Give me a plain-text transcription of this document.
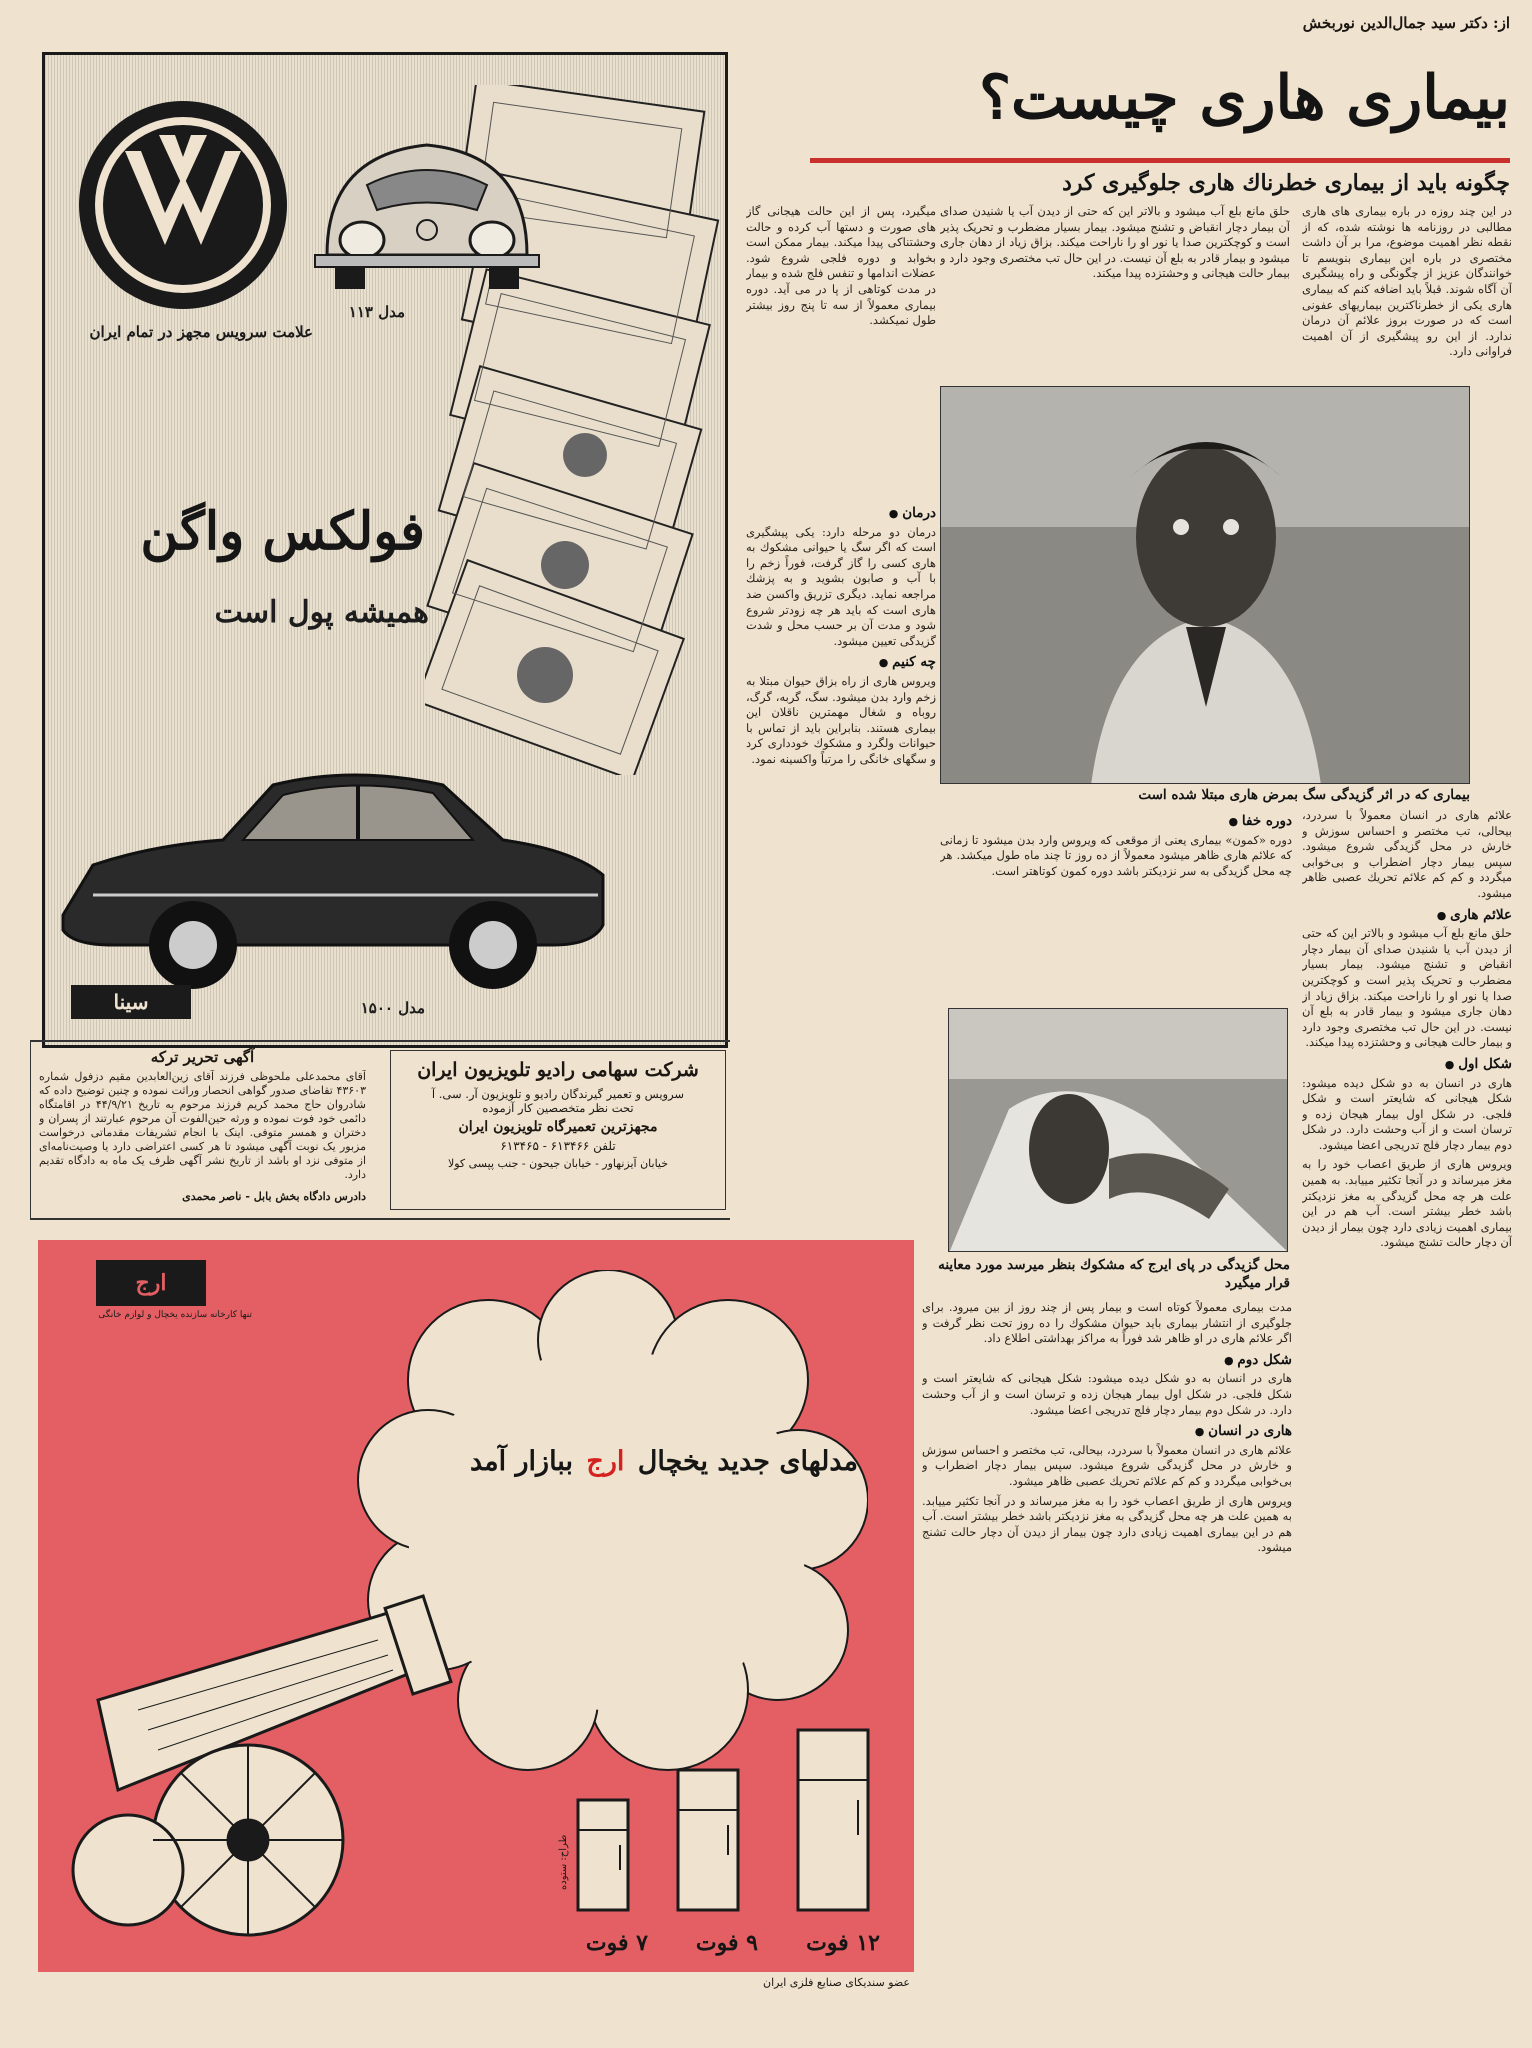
علامت سرویس مجهز در تمام ایران
مدل ۱۱۳
فولکس واگن
همیشه پول است
مدل ۱۵۰۰
سینا
از: دکتر سید جمال‌الدین نوربخش
بیماری هاری چیست؟
چگونه باید از بیماری خطرناك هاری جلوگیری کرد
در این چند روزه در باره بیماری های هاری مطالبی در روزنامه ها نوشته شده، که از نقطه نظر اهمیت موضوع، مرا بر آن داشت مختصری در باره این بیماری بنویسم تا خوانندگان عزیز از چگونگی و راه پیشگیری آن آگاه شوند. قبلاً باید اضافه کنم که بیماری هاری یکی از خطرناکترین بیماریهای عفونی است که در صورت بروز علائم آن درمان ندارد. از این رو پیشگیری از آن اهمیت فراوانی دارد.
حلق مانع بلع آب میشود و بالاتر این که حتی از دیدن آب یا شنیدن صدای آن بیمار دچار انقباض و تشنج میشود. بیمار بسیار مضطرب و تحریک پذیر است و کوچکترین صدا یا نور او را ناراحت میکند. بزاق زیاد از دهان جاری میشود و بیمار قادر به بلع آن نیست. در این حال تب مختصری وجود دارد و بیمار حالت هیجانی و وحشتزده پیدا میکند.
میگیرد، پس از این حالت هیجانی گاز های صورت و دستها آب کرده و حالت وحشتناکی پیدا میکند. بیمار ممکن است بخوابد و دوره فلجی شروع شود. عضلات اندامها و تنفس فلج شده و بیمار در مدت کوتاهی از پا در می آید. دوره بیماری معمولاً از سه تا پنج روز بیشتر طول نمیکشد.
بیماری که در اثر گزیدگی سگ بمرض هاری مبتلا شده است
درمان ●

درمان دو مرحله دارد: یکی پیشگیری است که اگر سگ یا حیوانی مشکوك به هاری کسی را گاز گرفت، فوراً زخم را با آب و صابون بشوید و به پزشك مراجعه نماید. دیگری تزریق واکسن ضد هاری است که باید هر چه زودتر شروع شود و مدت آن بر حسب محل و شدت گزیدگی تعیین میشود.

چه کنیم ●

ویروس هاری از راه بزاق حیوان مبتلا به زخم وارد بدن میشود. سگ، گربه، گرگ، روباه و شغال مهمترین ناقلان این بیماری هستند. بنابراین باید از تماس با حیوانات ولگرد و مشکوك خودداری کرد و سگهای خانگی را مرتباً واکسینه نمود.

علائم هاری در انسان معمولاً با سردرد، بیحالی، تب مختصر و احساس سوزش و خارش در محل گزیدگی شروع میشود. سپس بیمار دچار اضطراب و بی‌خوابی میگردد و کم کم علائم تحریك عصبی ظاهر میشود.

علائم هاری ●

حلق مانع بلع آب میشود و بالاتر این که حتی از دیدن آب یا شنیدن صدای آن بیمار دچار انقباض و تشنج میشود. بیمار بسیار مضطرب و تحریک پذیر است و کوچکترین صدا یا نور او را ناراحت میکند. بزاق زیاد از دهان جاری میشود و بیمار قادر به بلع آن نیست. در این حال تب مختصری وجود دارد و بیمار حالت هیجانی و وحشتزده پیدا میکند.

شکل اول ●

هاری در انسان به دو شکل دیده میشود: شکل هیجانی که شایعتر است و شکل فلجی. در شکل اول بیمار هیجان زده و ترسان است و از آب وحشت دارد. در شکل دوم بیمار دچار فلج تدریجی اعضا میشود.

ویروس هاری از طریق اعصاب خود را به مغز میرساند و در آنجا تکثیر مییابد. به همین علت هر چه محل گزیدگی به مغز نزدیکتر باشد خطر بیشتر است. آب هم در این بیماری اهمیت زیادی دارد چون بیمار از دیدن آن دچار حالت تشنج میشود.

دوره خفا ●

دوره «کمون» بیماری یعنی از موقعی که ویروس وارد بدن میشود تا زمانی که علائم هاری ظاهر میشود معمولاً از ده روز تا چند ماه طول میکشد. هر چه محل گزیدگی به سر نزدیکتر باشد دوره کمون کوتاهتر است.

محل گزیدگی در پای ایرج که مشکوك بنظر میرسد مورد معاینه قرار میگیرد

مدت بیماری معمولاً کوتاه است و بیمار پس از چند روز از بین میرود. برای جلوگیری از انتشار بیماری باید حیوان مشکوك را ده روز تحت نظر گرفت و اگر علائم هاری در او ظاهر شد فوراً به مراکز بهداشتی اطلاع داد.

شکل دوم ●

هاری در انسان به دو شکل دیده میشود: شکل هیجانی که شایعتر است و شکل فلجی. در شکل اول بیمار هیجان زده و ترسان است و از آب وحشت دارد. در شکل دوم بیمار دچار فلج تدریجی اعضا میشود.

هاری در انسان ●

علائم هاری در انسان معمولاً با سردرد، بیحالی، تب مختصر و احساس سوزش و خارش در محل گزیدگی شروع میشود. سپس بیمار دچار اضطراب و بی‌خوابی میگردد و کم کم علائم تحریك عصبی ظاهر میشود.

ویروس هاری از طریق اعصاب خود را به مغز میرساند و در آنجا تکثیر مییابد. به همین علت هر چه محل گزیدگی به مغز نزدیکتر باشد خطر بیشتر است. آب هم در این بیماری اهمیت زیادی دارد چون بیمار از دیدن آن دچار حالت تشنج میشود.

آگهی تحریر ترکه
آقای محمدعلی ملحوظی فرزند آقای زین‌العابدین مقیم دزفول شماره ۴۳۶۰۳ تقاضای صدور گواهی انحصار وراثت نموده و چنین توضیح داده که شادروان حاج محمد کریم فرزند مرحوم به تاریخ ۴۴/۹/۲۱ در اقامتگاه دائمی خود فوت نموده و ورثه حین‌الفوت آن مرحوم عبارتند از پسران و دختران و همسر متوفی. اینک با انجام تشریفات مقدماتی درخواست مزبور یک نوبت آگهی میشود تا هر کسی اعتراضی دارد یا وصیت‌نامه‌ای از متوفی نزد او باشد از تاریخ نشر آگهی ظرف یک ماه به دادگاه تقدیم دارد.
دادرس دادگاه بخش بابل - ناصر محمدی
شرکت سهامی رادیو تلویزیون ایران
سرویس و تعمیر گیرندگان رادیو و تلویزیون آر. سی. آ
تحت نظر متخصصین کار آزموده
مجهزترین تعمیرگاه تلویزیون ایران
تلفن ۶۱۳۴۶۶ - ۶۱۳۴۶۵
خیابان آیزنهاور - خیابان جیحون - جنب پپسی کولا
ارج
تنها کارخانه سازنده یخچال و لوازم خانگی
مدلهای جدید یخچال ارج ببازار آمد
۷ فوت	۹ فوت ۱۲ فوت
طراح: ستوده
عضو سندیکای صنایع فلزی ایران
